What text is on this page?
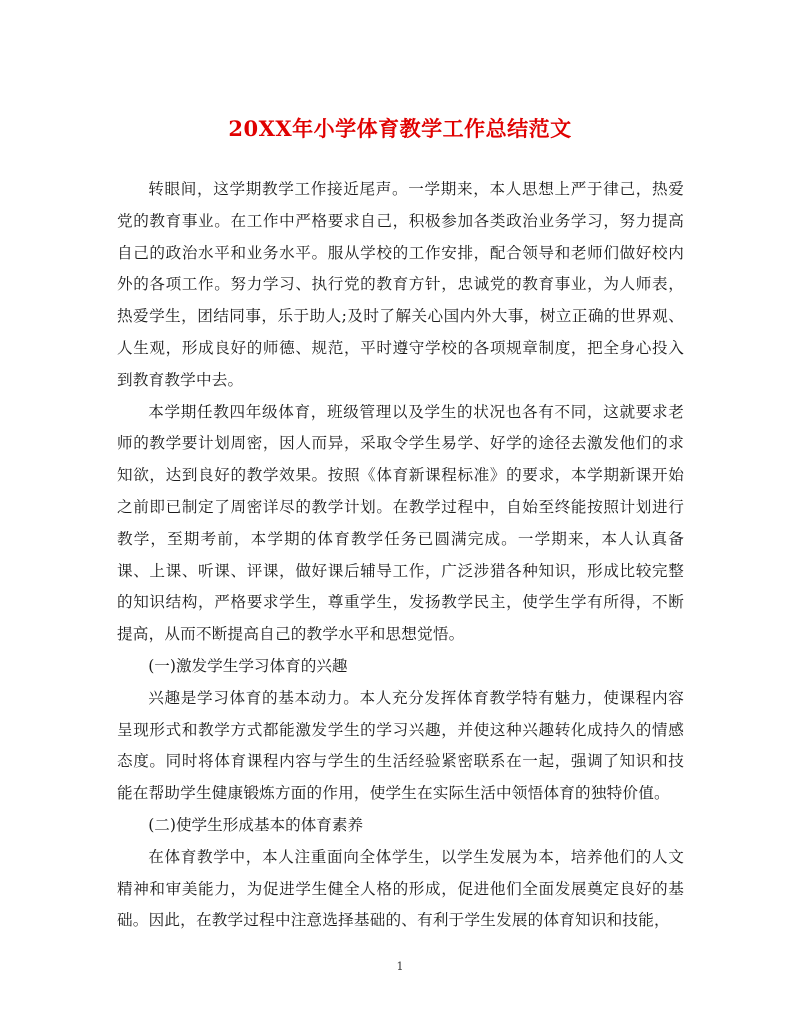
20XX年小学体育教学工作总结范文

转眼间，这学期教学工作接近尾声。一学期来，本人思想上严于律己，热爱党的教育事业。在工作中严格要求自己，积极参加各类政治业务学习，努力提高自己的政治水平和业务水平。服从学校的工作安排，配合领导和老师们做好校内外的各项工作。努力学习、执行党的教育方针，忠诚党的教育事业，为人师表，热爱学生，团结同事，乐于助人;及时了解关心国内外大事，树立正确的世界观、人生观，形成良好的师德、规范，平时遵守学校的各项规章制度，把全身心投入到教育教学中去。

本学期任教四年级体育，班级管理以及学生的状况也各有不同，这就要求老师的教学要计划周密，因人而异，采取令学生易学、好学的途径去激发他们的求知欲，达到良好的教学效果。按照《体育新课程标准》的要求，本学期新课开始之前即已制定了周密详尽的教学计划。在教学过程中，自始至终能按照计划进行教学，至期考前，本学期的体育教学任务已圆满完成。一学期来，本人认真备课、上课、听课、评课，做好课后辅导工作，广泛涉猎各种知识，形成比较完整的知识结构，严格要求学生，尊重学生，发扬教学民主，使学生学有所得，不断提高，从而不断提高自己的教学水平和思想觉悟。

(一)激发学生学习体育的兴趣

兴趣是学习体育的基本动力。本人充分发挥体育教学特有魅力，使课程内容呈现形式和教学方式都能激发学生的学习兴趣，并使这种兴趣转化成持久的情感态度。同时将体育课程内容与学生的生活经验紧密联系在一起，强调了知识和技能在帮助学生健康锻炼方面的作用，使学生在实际生活中领悟体育的独特价值。

(二)使学生形成基本的体育素养

在体育教学中，本人注重面向全体学生，以学生发展为本，培养他们的人文精神和审美能力，为促进学生健全人格的形成，促进他们全面发展奠定良好的基础。因此，在教学过程中注意选择基础的、有利于学生发展的体育知识和技能，

1
